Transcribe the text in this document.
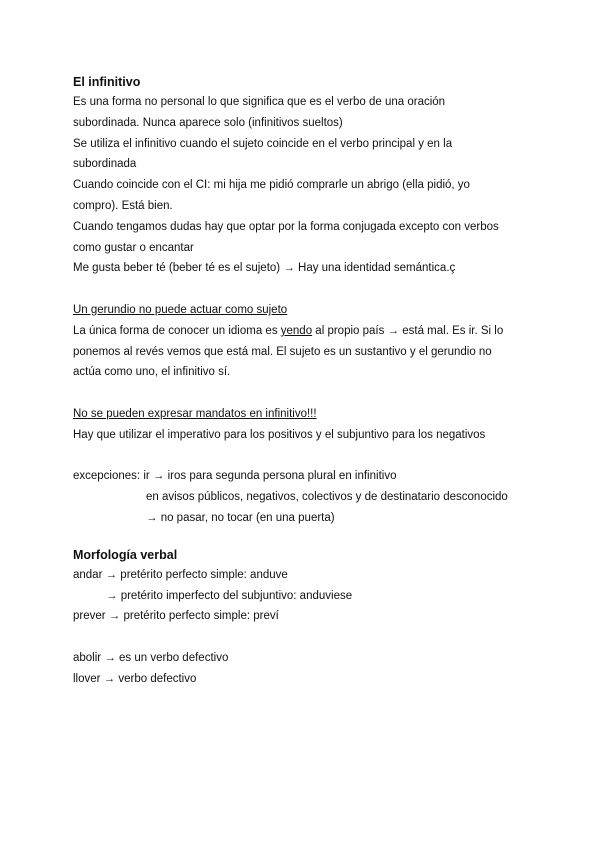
El infinitivo
Es una forma no personal lo que significa que es el verbo de una oración
subordinada. Nunca aparece solo (infinitivos sueltos)
Se utiliza el infinitivo cuando el sujeto coincide en el verbo principal y en la
subordinada
Cuando coincide con el CI: mi hija me pidió comprarle un abrigo (ella pidió, yo
compro). Está bien.
Cuando tengamos dudas hay que optar por la forma conjugada excepto con verbos
como gustar o encantar
Me gusta beber té (beber té es el sujeto) → Hay una identidad semántica.ç
Un gerundio no puede actuar como sujeto
La única forma de conocer un idioma es yendo al propio país → está mal. Es ir. Si lo
ponemos al revés vemos que está mal. El sujeto es un sustantivo y el gerundio no
actúa como uno, el infinitivo sí.
No se pueden expresar mandatos en infinitivo!!!
Hay que utilizar el imperativo para los positivos y el subjuntivo para los negativos
excepciones: ir → iros para segunda persona plural en infinitivo
en avisos públicos, negativos, colectivos y de destinatario desconocido
→ no pasar, no tocar (en una puerta)
Morfología verbal
andar → pretérito perfecto simple: anduve
→ pretérito imperfecto del subjuntivo: anduviese
prever → pretérito perfecto simple: preví
abolir → es un verbo defectivo
llover → verbo defectivo
